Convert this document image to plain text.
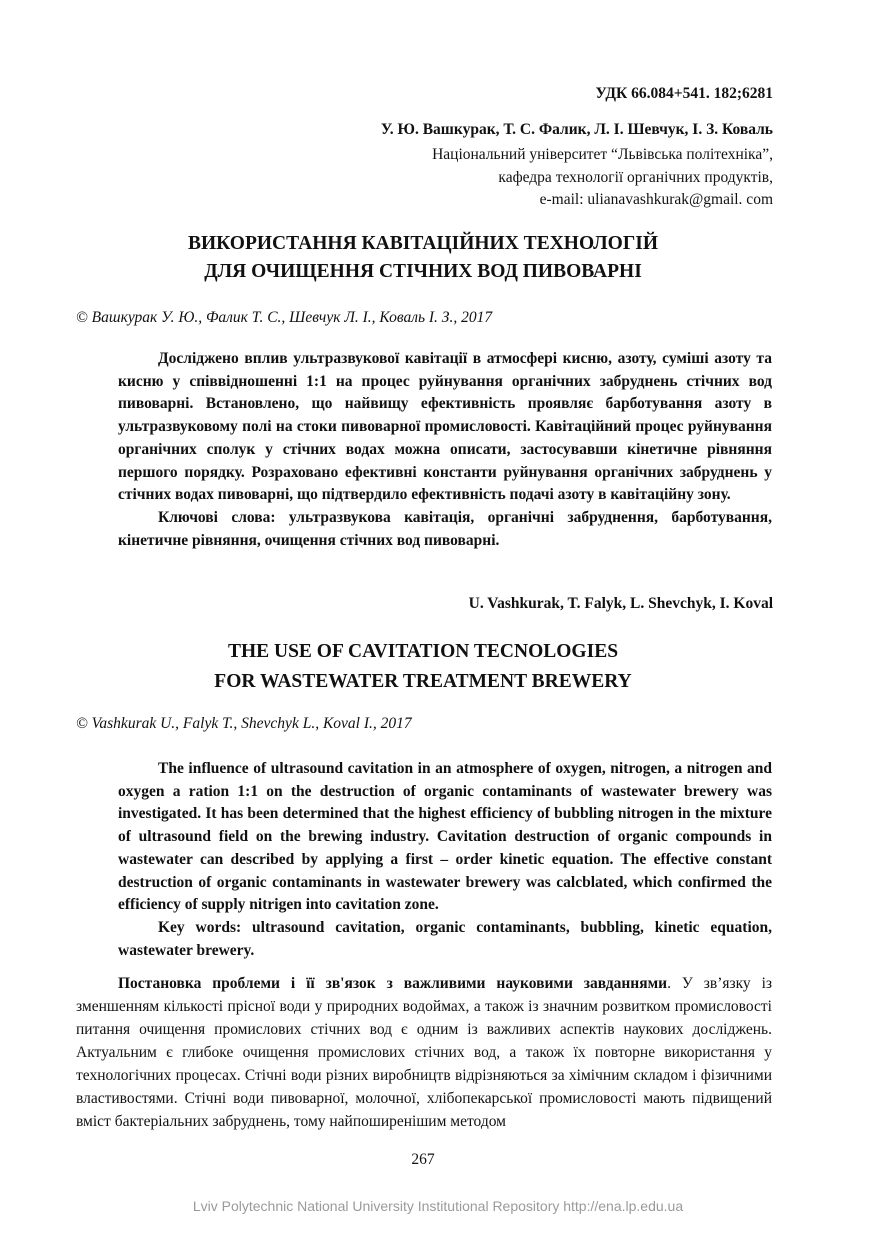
УДК 66.084+541. 182;6281
У. Ю. Вашкурак, Т. С. Фалик, Л. І. Шевчук, І. З. Коваль
Національний університет “Львівська політехніка”,
кафедра технології органічних продуктів,
e-mail: ulianavashkurak@gmail. com
ВИКОРИСТАННЯ КАВІТАЦІЙНИХ ТЕХНОЛОГІЙ
ДЛЯ ОЧИЩЕННЯ СТІЧНИХ ВОД ПИВОВАРНІ
© Вашкурак У. Ю., Фалик Т. С., Шевчук Л. І., Коваль І. З., 2017

Досліджено вплив ультразвукової кавітації в атмосфері кисню, азоту, суміші азоту та кисню у співвідношенні 1:1 на процес руйнування органічних забруднень стічних вод пивоварні. Встановлено, що найвищу ефективність проявляє барботування азоту в ультразвуковому полі на стоки пивоварної промисловості. Кавітаційний процес руйнування органічних сполук у стічних водах можна описати, застосувавши кінетичне рівняння першого порядку. Розраховано ефективні константи руйнування органічних забруднень у стічних водах пивоварні, що підтвердило ефективність подачі азоту в кавітаційну зону.

Ключові слова: ультразвукова кавітація, органічні забруднення, барботування, кінетичне рівняння, очищення стічних вод пивоварні.

U. Vashkurak, T. Falyk, L. Shevchyk, I. Koval
THE USE OF CAVITATION TECNOLOGIES
FOR WASTEWATER TREATMENT BREWERY
© Vashkurak U., Falyk T., Shevchyk L., Koval I., 2017

The influence of ultrasound cavitation in an atmosphere of oxygen, nitrogen, a nitrogen and oxygen a ration 1:1 on the destruction of organic contaminants of wastewater brewery was investigated. It has been determined that the highest efficiency of bubbling nitrogen in the mixture of ultrasound field on the brewing industry. Cavitation destruction of organic compounds in wastewater can described by applying a first – order kinetic equation. The effective constant destruction of organic contaminants in wastewater brewery was calcblated, which confirmed the efficiency of supply nitrigen into cavitation zone.

Key words: ultrasound cavitation, organic contaminants, bubbling, kinetic equation, wastewater brewery.

Постановка проблеми і її зв'язок з важливими науковими завданнями. У зв’язку із зменшенням кількості прісної води у природних водоймах, а також із значним розвитком промисловості питання очищення промислових стічних вод є одним із важливих аспектів наукових досліджень. Актуальним є глибоке очищення промислових стічних вод, а також їх повторне використання у технологічних процесах. Стічні води різних виробництв відрізняються за хімічним складом і фізичними властивостями. Стічні води пивоварної, молочної, хлібопекарської промисловості мають підвищений вміст бактеріальних забруднень, тому найпоширенішим методом

267
Lviv Polytechnic National University Institutional Repository http://ena.lp.edu.ua
